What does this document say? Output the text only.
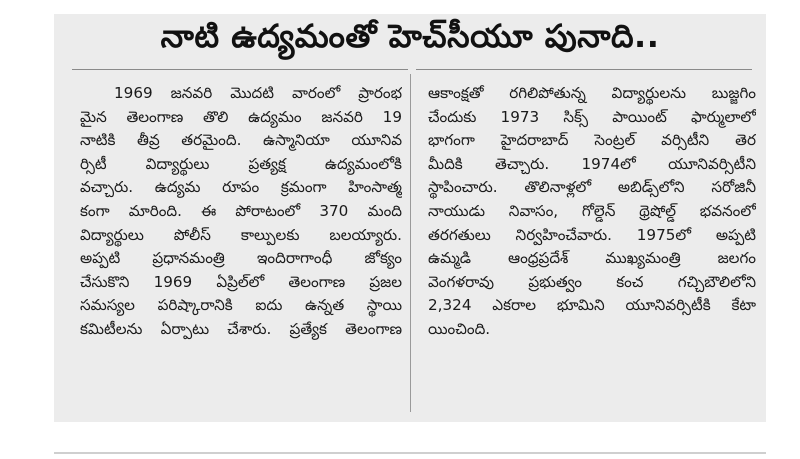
నాటి ఉద్యమంతో హెచ్‌సీయూ పునాది..
1969 జనవరి మొదటి వారంలో ప్రారంభ
మైన తెలంగాణ తొలి ఉద్యమం జనవరి 19
నాటికి తీవ్ర తరమైంది. ఉస్మానియా యూనివ
ర్సిటీ విద్యార్థులు ప్రత్యక్ష ఉద్యమంలోకి
వచ్చారు. ఉద్యమ రూపం క్రమంగా హింసాత్మ
కంగా మారింది. ఈ పోరాటంలో 370 మంది
విద్యార్థులు పోలీస్ కాల్పులకు బలయ్యారు.
అప్పటి ప్రధానమంత్రి ఇందిరాగాంధీ జోక్యం
చేసుకొని 1969 ఏప్రిల్‌లో తెలంగాణ ప్రజల
సమస్యల పరిష్కారానికి ఐదు ఉన్నత స్థాయి
కమిటీలను ఏర్పాటు చేశారు. ప్రత్యేక తెలంగాణ
ఆకాంక్షతో రగిలిపోతున్న విద్యార్థులను బుజ్జగిం
చేందుకు 1973 సిక్స్ పాయింట్ ఫార్ములాలో
భాగంగా హైదరాబాద్ సెంట్రల్ వర్సిటీని తెర
మీదికి తెచ్చారు. 1974లో యూనివర్సిటీని
స్థాపించారు. తొలినాళ్లలో అబిడ్స్‌లోని సరోజినీ
నాయుడు నివాసం, గోల్డెన్ థ్రెషోల్డ్ భవనంలో
తరగతులు నిర్వహించేవారు. 1975లో అప్పటి
ఉమ్మడి ఆంధ్రప్రదేశ్ ముఖ్యమంత్రి జలగం
వెంగళరావు ప్రభుత్వం కంచ గచ్చిబౌలిలోని
2,324 ఎకరాల భూమిని యూనివర్సిటీకి కేటా
యించింది.
